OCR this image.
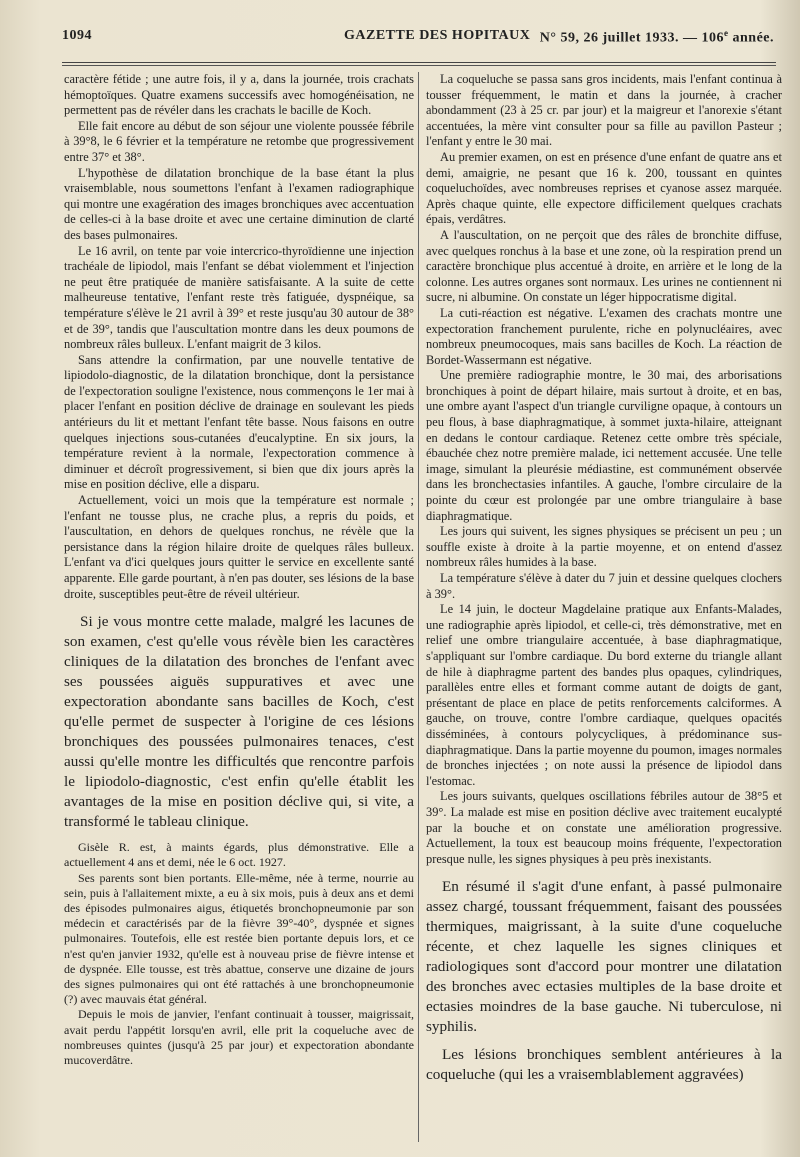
1094	GAZETTE DES HOPITAUX N° 59, 26 juillet 1933. — 106e année.

caractère fétide ; une autre fois, il y a, dans la journée, trois crachats hémoptoïques. Quatre examens successifs avec homogénéisation, ne permettent pas de révéler dans les crachats le bacille de Koch.

Elle fait encore au début de son séjour une violente poussée fébrile à 39°8, le 6 février et la température ne retombe que progressivement entre 37° et 38°.

L'hypothèse de dilatation bronchique de la base étant la plus vraisemblable, nous soumettons l'enfant à l'examen radiographique qui montre une exagération des images bronchiques avec accentuation de celles-ci à la base droite et avec une certaine diminution de clarté des bases pulmonaires.

Le 16 avril, on tente par voie intercrico-thyroïdienne une injection trachéale de lipiodol, mais l'enfant se débat violemment et l'injection ne peut être pratiquée de manière satisfaisante. A la suite de cette malheureuse tentative, l'enfant reste très fatiguée, dyspnéique, sa température s'élève le 21 avril à 39° et reste jusqu'au 30 autour de 38° et de 39°, tandis que l'auscultation montre dans les deux poumons de nombreux râles bulleux. L'enfant maigrit de 3 kilos.

Sans attendre la confirmation, par une nouvelle tentative de lipiodolo-diagnostic, de la dilatation bronchique, dont la persistance de l'expectoration souligne l'existence, nous commençons le 1er mai à placer l'enfant en position déclive de drainage en soulevant les pieds antérieurs du lit et mettant l'enfant tête basse. Nous faisons en outre quelques injections sous-cutanées d'eucalyptine. En six jours, la température revient à la normale, l'expectoration commence à diminuer et décroît progressivement, si bien que dix jours après la mise en position déclive, elle a disparu.

Actuellement, voici un mois que la température est normale ; l'enfant ne tousse plus, ne crache plus, a repris du poids, et l'auscultation, en dehors de quelques ronchus, ne révèle que la persistance dans la région hilaire droite de quelques râles bulleux. L'enfant va d'ici quelques jours quitter le service en excellente santé apparente. Elle garde pourtant, à n'en pas douter, ses lésions de la base droite, susceptibles peut-être de réveil ultérieur.

Si je vous montre cette malade, malgré les lacunes de son examen, c'est qu'elle vous révèle bien les caractères cliniques de la dilatation des bronches de l'enfant avec ses poussées aiguës suppuratives et avec une expectoration abondante sans bacilles de Koch, c'est qu'elle permet de suspecter à l'origine de ces lésions bronchiques des poussées pulmonaires tenaces, c'est aussi qu'elle montre les difficultés que rencontre parfois le lipiodolo-diagnostic, c'est enfin qu'elle établit les avantages de la mise en position déclive qui, si vite, a transformé le tableau clinique.

Gisèle R. est, à maints égards, plus démonstrative. Elle a actuellement 4 ans et demi, née le 6 oct. 1927.

Ses parents sont bien portants. Elle-même, née à terme, nourrie au sein, puis à l'allaitement mixte, a eu à six mois, puis à deux ans et demi des épisodes pulmonaires aigus, étiquetés bronchopneumonie par son médecin et caractérisés par de la fièvre 39°-40°, dyspnée et signes pulmonaires. Toutefois, elle est restée bien portante depuis lors, et ce n'est qu'en janvier 1932, qu'elle est à nouveau prise de fièvre intense et de dyspnée. Elle tousse, est très abattue, conserve une dizaine de jours des signes pulmonaires qui ont été rattachés à une bronchopneumonie (?) avec mauvais état général.

Depuis le mois de janvier, l'enfant continuait à tousser, maigrissait, avait perdu l'appétit lorsqu'en avril, elle prit la coqueluche avec de nombreuses quintes (jusqu'à 25 par jour) et expectoration abondante mucoverdâtre.

La coqueluche se passa sans gros incidents, mais l'enfant continua à tousser fréquemment, le matin et dans la journée, à cracher abondamment (23 à 25 cr. par jour) et la maigreur et l'anorexie s'étant accentuées, la mère vint consulter pour sa fille au pavillon Pasteur ; l'enfant y entre le 30 mai.

Au premier examen, on est en présence d'une enfant de quatre ans et demi, amaigrie, ne pesant que 16 k. 200, toussant en quintes coqueluchoïdes, avec nombreuses reprises et cyanose assez marquée. Après chaque quinte, elle expectore difficilement quelques crachats épais, verdâtres.

A l'auscultation, on ne perçoit que des râles de bronchite diffuse, avec quelques ronchus à la base et une zone, où la respiration prend un caractère bronchique plus accentué à droite, en arrière et le long de la colonne. Les autres organes sont normaux. Les urines ne contiennent ni sucre, ni albumine. On constate un léger hippocratisme digital.

La cuti-réaction est négative. L'examen des crachats montre une expectoration franchement purulente, riche en polynucléaires, avec nombreux pneumocoques, mais sans bacilles de Koch. La réaction de Bordet-Wassermann est négative.

Une première radiographie montre, le 30 mai, des arborisations bronchiques à point de départ hilaire, mais surtout à droite, et en bas, une ombre ayant l'aspect d'un triangle curviligne opaque, à contours un peu flous, à base diaphragmatique, à sommet juxta-hilaire, atteignant en dedans le contour cardiaque. Retenez cette ombre très spéciale, ébauchée chez notre première malade, ici nettement accusée. Une telle image, simulant la pleurésie médiastine, est communément observée dans les bronchectasies infantiles. A gauche, l'ombre circulaire de la pointe du cœur est prolongée par une ombre triangulaire à base diaphragmatique.

Les jours qui suivent, les signes physiques se précisent un peu ; un souffle existe à droite à la partie moyenne, et on entend d'assez nombreux râles humides à la base.

La température s'élève à dater du 7 juin et dessine quelques clochers à 39°.

Le 14 juin, le docteur Magdelaine pratique aux Enfants-Malades, une radiographie après lipiodol, et celle-ci, très démonstrative, met en relief une ombre triangulaire accentuée, à base diaphragmatique, s'appliquant sur l'ombre cardiaque. Du bord externe du triangle allant de hile à diaphragme partent des bandes plus opaques, cylindriques, parallèles entre elles et formant comme autant de doigts de gant, présentant de place en place de petits renforcements calciformes. A gauche, on trouve, contre l'ombre cardiaque, quelques opacités disséminées, à contours polycycliques, à prédominance sus-diaphragmatique. Dans la partie moyenne du poumon, images normales de bronches injectées ; on note aussi la présence de lipiodol dans l'estomac.

Les jours suivants, quelques oscillations fébriles autour de 38°5 et 39°. La malade est mise en position déclive avec traitement eucalypté par la bouche et on constate une amélioration progressive. Actuellement, la toux est beaucoup moins fréquente, l'expectoration presque nulle, les signes physiques à peu près inexistants.

En résumé il s'agit d'une enfant, à passé pulmonaire assez chargé, toussant fréquemment, faisant des poussées thermiques, maigrissant, à la suite d'une coqueluche récente, et chez laquelle les signes cliniques et radiologiques sont d'accord pour montrer une dilatation des bronches avec ectasies multiples de la base droite et ectasies moindres de la base gauche. Ni tuberculose, ni syphilis.

Les lésions bronchiques semblent antérieures à la coqueluche (qui les a vraisemblablement aggravées)
